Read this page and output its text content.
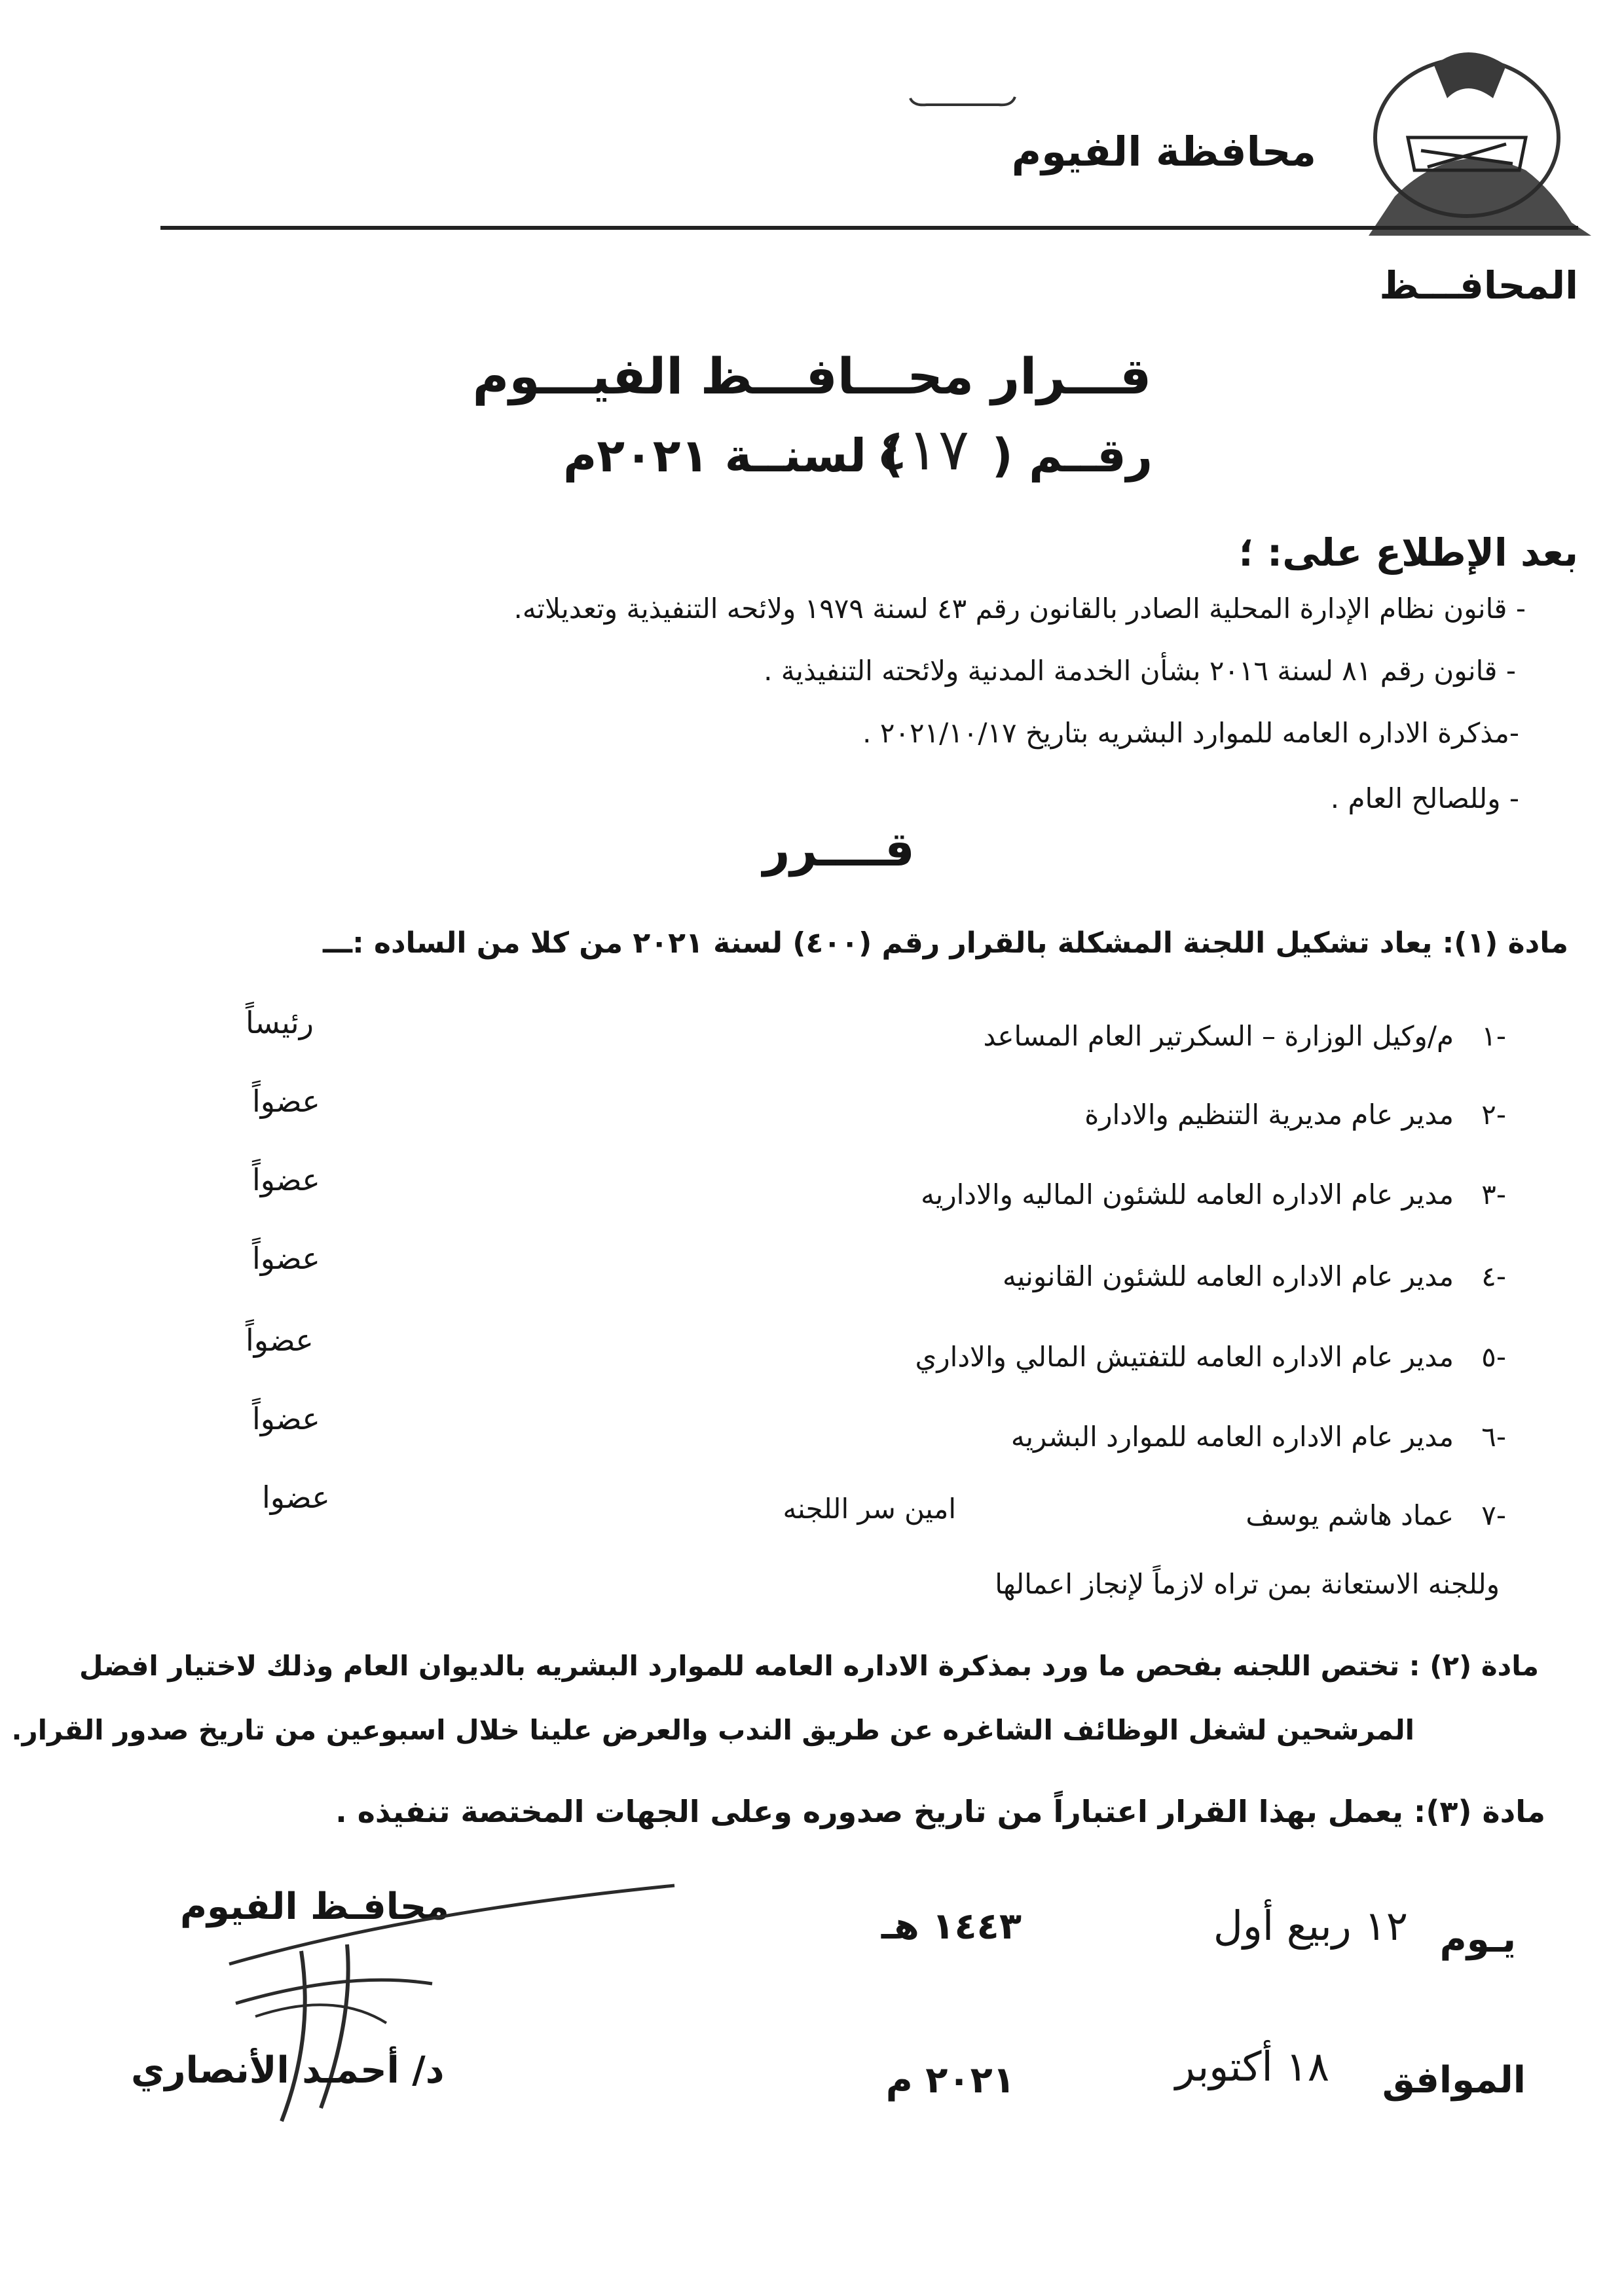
محافظة الفيوم
المحافـــظ
قـــرار محـــافـــظ الفيـــوم
رقــم (
٤١٧
) لسنــة ٢٠٢١م
بعد الإطلاع على: ؛
- قانون نظام الإدارة المحلية الصادر بالقانون رقم ٤٣ لسنة ١٩٧٩ ولائحه التنفيذية وتعديلاته.
- قانون رقم ٨١ لسنة ٢٠١٦ بشأن الخدمة المدنية ولائحته التنفيذية .
-مذكرة الاداره العامه للموارد البشريه بتاريخ ٢٠٢١/١٠/١٧ .
- وللصالح العام .
قــــرر
مادة (١): يعاد تشكيل اللجنة المشكلة بالقرار رقم (٤٠٠) لسنة ٢٠٢١ من كلا من الساده :ـــ
١-
م/وكيل الوزارة – السكرتير العام المساعد
رئيساً
٢-
مدير عام مديرية التنظيم والادارة
عضواً
٣-
مدير عام الاداره العامه للشئون الماليه والاداريه
عضواً
٤-
مدير عام الاداره العامه للشئون القانونيه
عضواً
٥-
مدير عام الاداره العامه للتفتيش المالي والاداري
عضواً
٦-
مدير عام الاداره العامه للموارد البشريه
عضواً
٧-
عماد هاشم يوسف
امين سر اللجنه
عضوا
وللجنه الاستعانة بمن تراه لازماً لإنجاز اعمالها
مادة (٢) : تختص اللجنه بفحص ما ورد بمذكرة الاداره العامه للموارد البشريه بالديوان العام وذلك لاختيار افضل
المرشحين لشغل الوظائف الشاغره عن طريق الندب والعرض علينا خلال اسبوعين من تاريخ صدور القرار.
مادة (٣): يعمل بهذا القرار اعتباراً من تاريخ صدوره وعلى الجهات المختصة تنفيذه .
يـوم
١٢ ربيع أول
١٤٤٣ هـ
الموافق
١٨ أكتوبر
٢٠٢١ م
محافـظ الفيوم
د/ أحمـد الأنصاري
